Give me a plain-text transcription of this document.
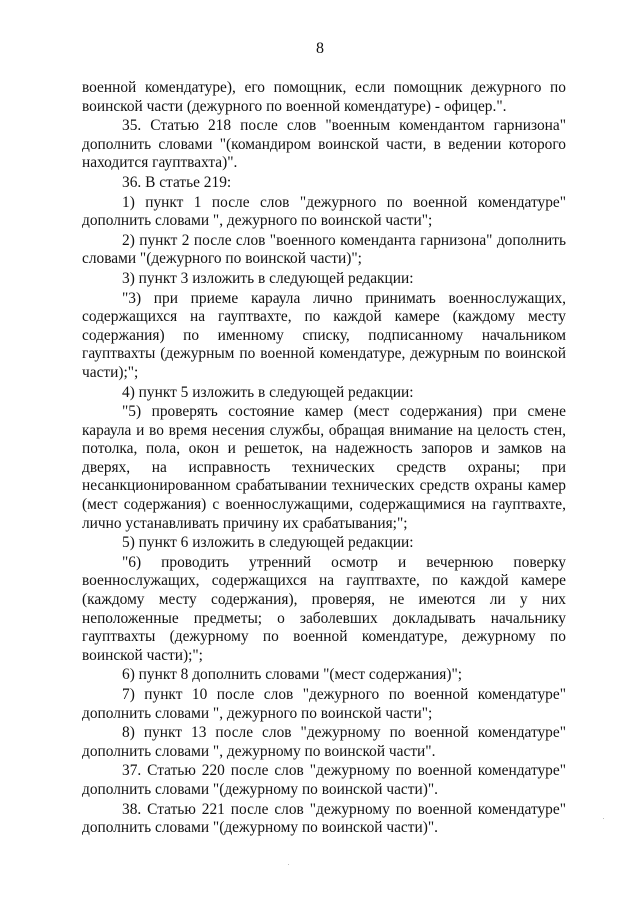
8

военной комендатуре), его помощник, если помощник дежурного по воинской части (дежурного по военной комендатуре) - офицер.".

35. Статью 218 после слов "военным комендантом гарнизона" дополнить словами "(командиром воинской части, в ведении которого находится гауптвахта)".

36. В статье 219:

1) пункт 1 после слов "дежурного по военной комендатуре" дополнить словами ", дежурного по воинской части";

2) пункт 2 после слов "военного коменданта гарнизона" дополнить словами "(дежурного по воинской части)";

3) пункт 3 изложить в следующей редакции:

"3) при приеме караула лично принимать военнослужащих, содержащихся на гауптвахте, по каждой камере (каждому месту содержания) по именному списку, подписанному начальником гауптвахты (дежурным по военной комендатуре, дежурным по воинской части);";

4) пункт 5 изложить в следующей редакции:

"5) проверять состояние камер (мест содержания) при смене караула и во время несения службы, обращая внимание на целость стен, потолка, пола, окон и решеток, на надежность запоров и замков на дверях, на исправность технических средств охраны; при несанкционированном срабатывании технических средств охраны камер (мест содержания) с военнослужащими, содержащимися на гауптвахте, лично устанавливать причину их срабатывания;";

5) пункт 6 изложить в следующей редакции:

"6) проводить утренний осмотр и вечернюю поверку военнослужащих, содержащихся на гауптвахте, по каждой камере (каждому месту содержания), проверяя, не имеются ли у них неположенные предметы; о заболевших докладывать начальнику гауптвахты (дежурному по военной комендатуре, дежурному по воинской части);";

6) пункт 8 дополнить словами "(мест содержания)";

7) пункт 10 после слов "дежурного по военной комендатуре" дополнить словами ", дежурного по воинской части";

8) пункт 13 после слов "дежурному по военной комендатуре" дополнить словами ", дежурному по воинской части".

37. Статью 220 после слов "дежурному по военной комендатуре" дополнить словами "(дежурному по воинской части)".

38. Статью 221 после слов "дежурному по военной комендатуре" дополнить словами "(дежурному по воинской части)".
